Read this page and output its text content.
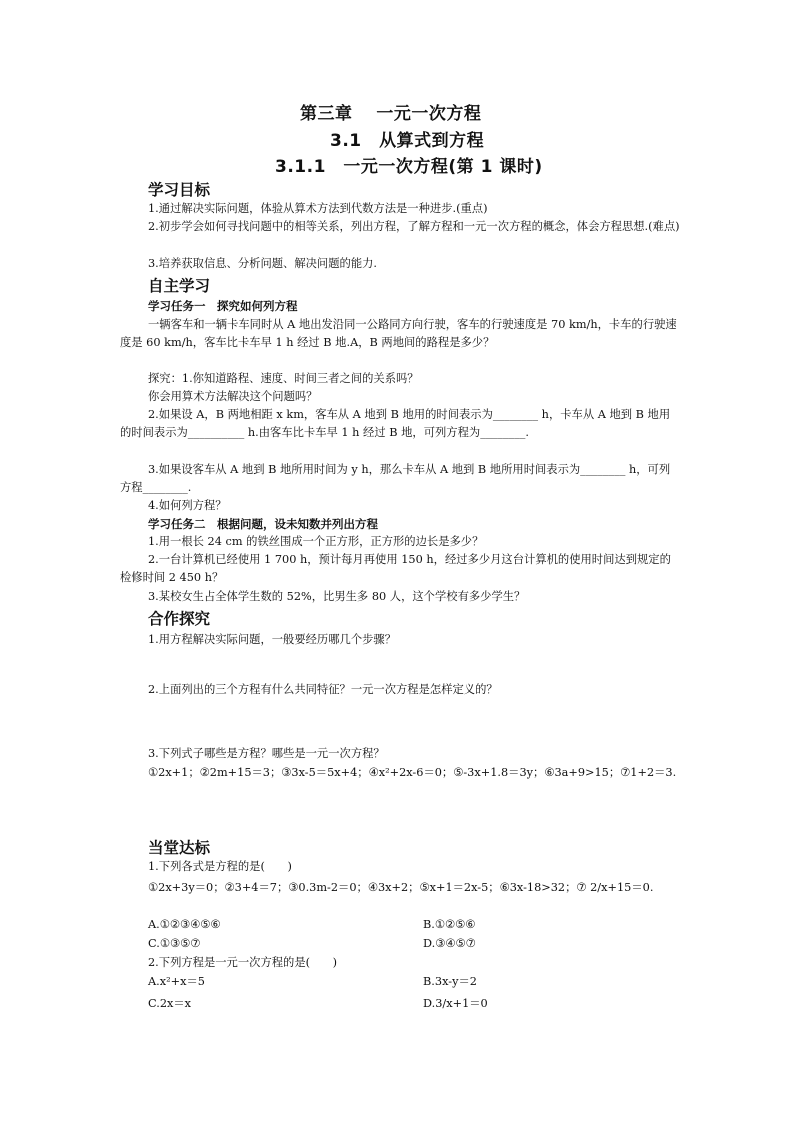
第三章　 一元一次方程
3.1　从算式到方程
3.1.1　一元一次方程(第 1 课时)
学习目标
1.通过解决实际问题，体验从算术方法到代数方法是一种进步.(重点)
2.初步学会如何寻找问题中的相等关系，列出方程，了解方程和一元一次方程的概念，体会方程思想.(难点)
3.培养获取信息、分析问题、解决问题的能力.
自主学习
学习任务一　探究如何列方程
一辆客车和一辆卡车同时从 A 地出发沿同一公路同方向行驶，客车的行驶速度是 70 km/h，卡车的行驶速度是 60 km/h，客车比卡车早 1 h 经过 B 地.A，B 两地间的路程是多少？
探究：1.你知道路程、速度、时间三者之间的关系吗？
你会用算术方法解决这个问题吗？
2.如果设 A，B 两地相距 x km，客车从 A 地到 B 地用的时间表示为________ h，卡车从 A 地到 B 地用的时间表示为__________ h.由客车比卡车早 1 h 经过 B 地，可列方程为________.
3.如果设客车从 A 地到 B 地所用时间为 y h，那么卡车从 A 地到 B 地所用时间表示为________ h，可列方程________.
4.如何列方程？
学习任务二　根据问题，设未知数并列出方程
1.用一根长 24 cm 的铁丝围成一个正方形，正方形的边长是多少？
2.一台计算机已经使用 1 700 h，预计每月再使用 150 h，经过多少月这台计算机的使用时间达到规定的检修时间 2 450 h？
3.某校女生占全体学生数的 52%，比男生多 80 人，这个学校有多少学生？
合作探究
1.用方程解决实际问题，一般要经历哪几个步骤？
2.上面列出的三个方程有什么共同特征？一元一次方程是怎样定义的？
3.下列式子哪些是方程？哪些是一元一次方程？
①2x+1；②2m+15＝3；③3x-5＝5x+4；④x²+2x-6＝0；⑤-3x+1.8＝3y；⑥3a+9>15；⑦1+2＝3.
当堂达标
1.下列各式是方程的是(　　)
①2x+3y＝0；②3+4＝7；③0.3m-2＝0；④3x+2；⑤x+1＝2x-5；⑥3x-18>32；⑦ 2/x+15＝0.
A.①②③④⑤⑥	B.①②⑤⑥
C.①③⑤⑦	D.③④⑤⑦
2.下列方程是一元一次方程的是(　　)
A.x²+x＝5	B.3x-y＝2
C.2x＝x	D.3/x+1＝0
